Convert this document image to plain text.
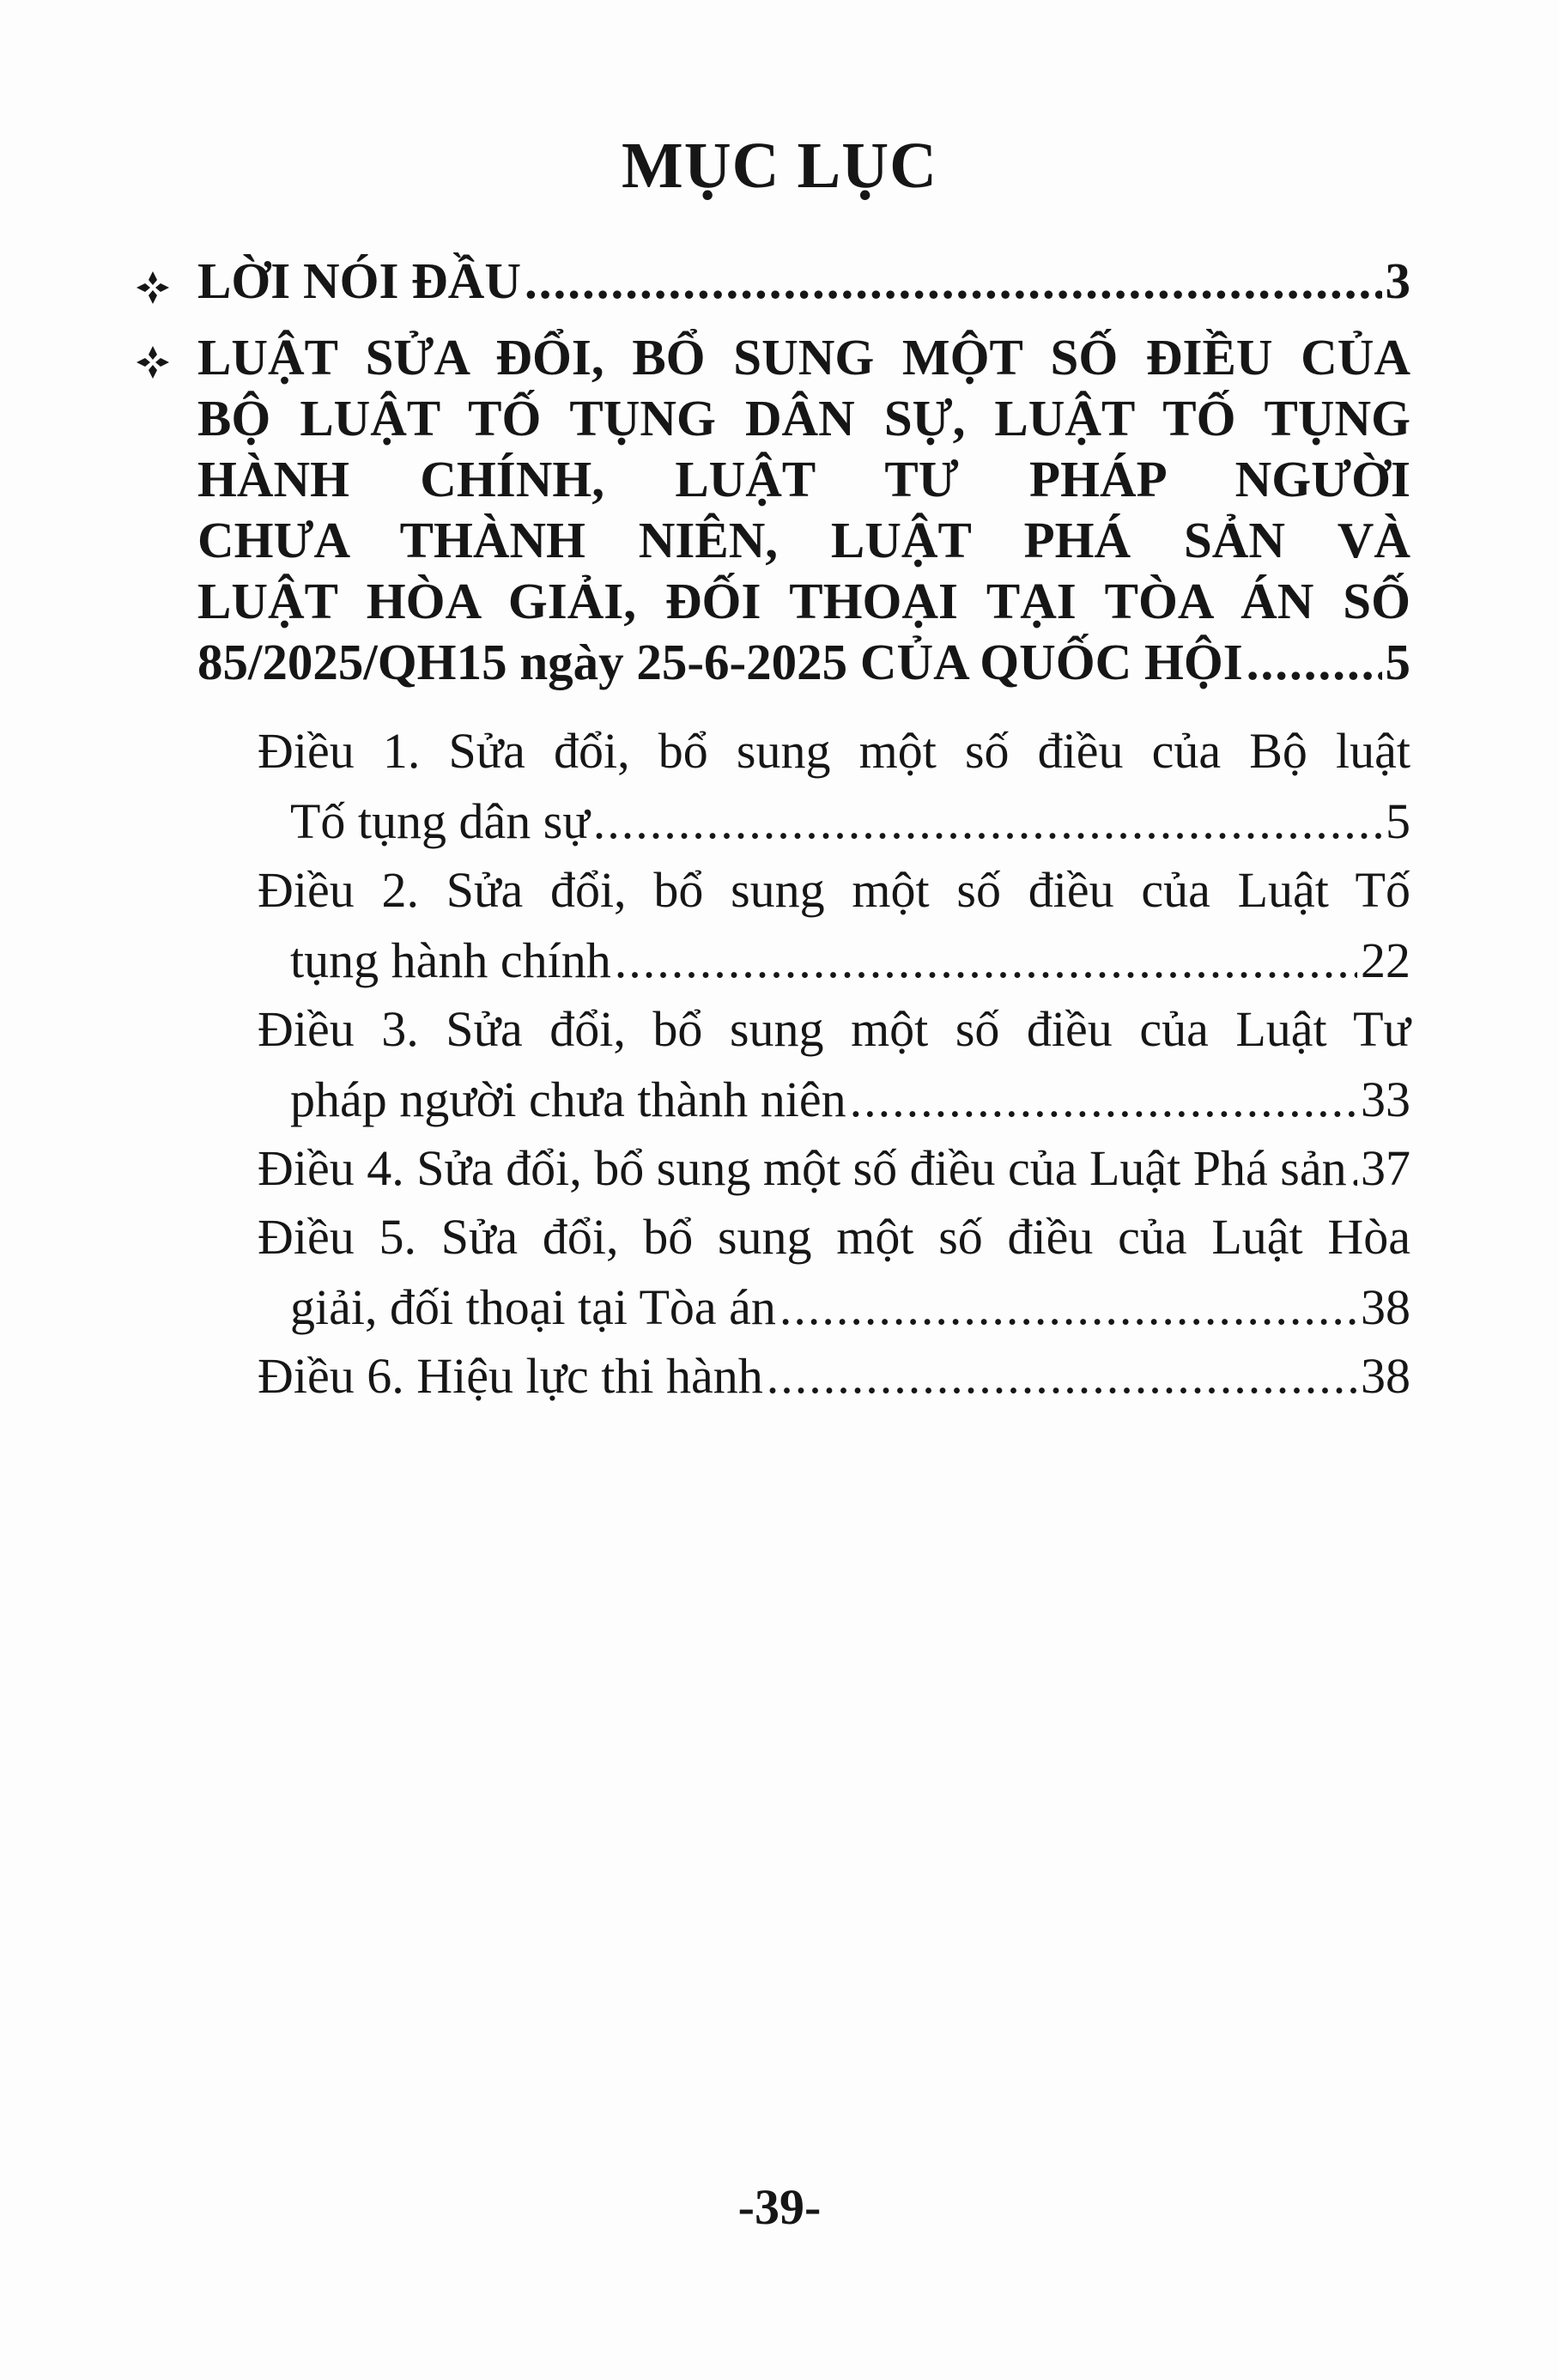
MỤC LỤC
LỜI NÓI ĐẦU .....	3
LUẬT SỬA ĐỔI, BỔ SUNG MỘT SỐ ĐIỀU CỦA
BỘ LUẬT TỐ TỤNG DÂN SỰ, LUẬT TỐ TỤNG
HÀNH CHÍNH, LUẬT TƯ PHÁP NGƯỜI
CHƯA THÀNH NIÊN, LUẬT PHÁ SẢN VÀ
LUẬT HÒA GIẢI, ĐỐI THOẠI TẠI TÒA ÁN SỐ
85/2025/QH15 ngày 25-6-2025 CỦA QUỐC HỘI .....	5
Điều 1. Sửa đổi, bổ sung một số điều của Bộ luật
Tố tụng dân sự .....	5
Điều 2. Sửa đổi, bổ sung một số điều của Luật Tố
tụng hành chính .....	22
Điều 3. Sửa đổi, bổ sung một số điều của Luật Tư
pháp người chưa thành niên .....	33
Điều 4. Sửa đổi, bổ sung một số điều của Luật Phá sản ..... 37
Điều 5. Sửa đổi, bổ sung một số điều của Luật Hòa
giải, đối thoại tại Tòa án .....	38
Điều 6. Hiệu lực thi hành .....	38
-39-
